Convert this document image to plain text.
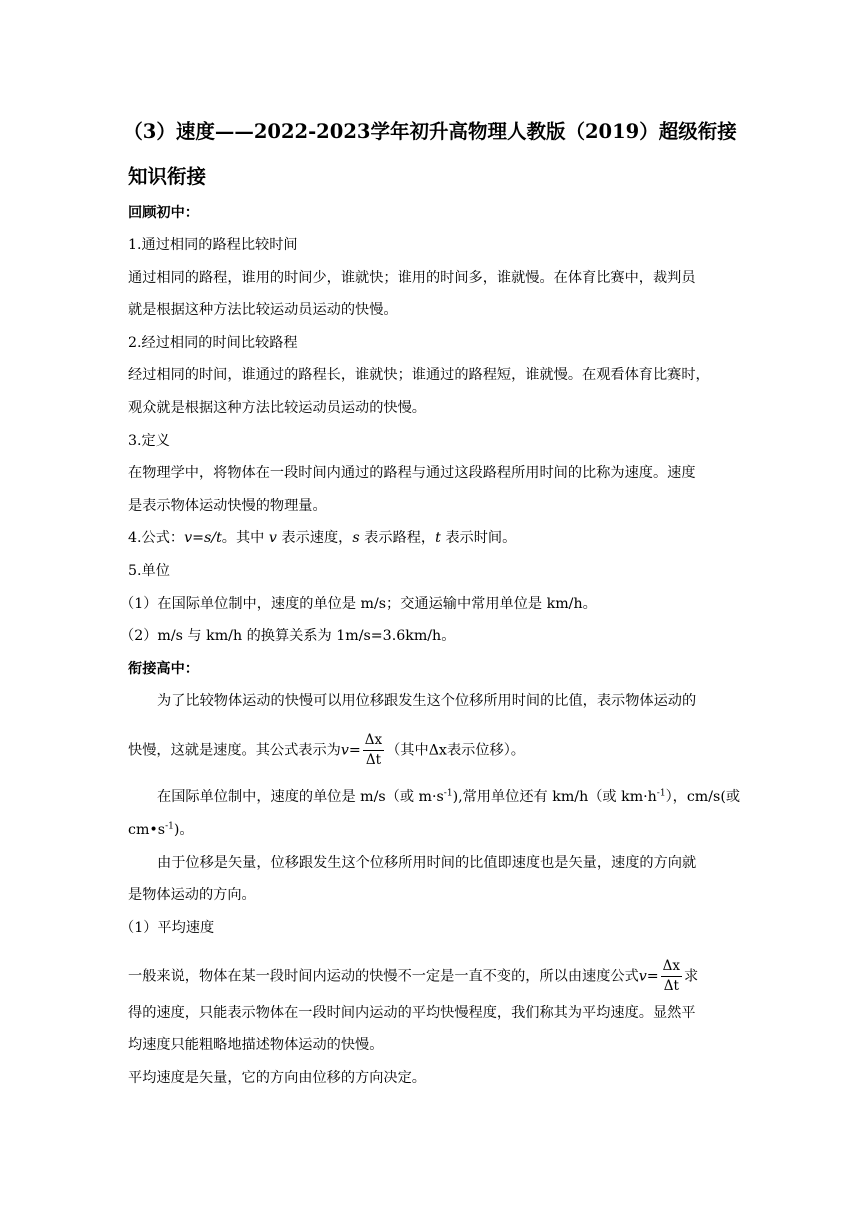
（3）速度——2022-2023学年初升高物理人教版（2019）超级衔接
知识衔接
回顾初中：
1.通过相同的路程比较时间
通过相同的路程，谁用的时间少，谁就快；谁用的时间多，谁就慢。在体育比赛中，裁判员
就是根据这种方法比较运动员运动的快慢。
2.经过相同的时间比较路程
经过相同的时间，谁通过的路程长，谁就快；谁通过的路程短，谁就慢。在观看体育比赛时，
观众就是根据这种方法比较运动员运动的快慢。
3.定义
在物理学中，将物体在一段时间内通过的路程与通过这段路程所用时间的比称为速度。速度
是表示物体运动快慢的物理量。
4.公式：v=s/t。其中 v 表示速度，s 表示路程，t 表示时间。
5.单位
（1）在国际单位制中，速度的单位是 m/s；交通运输中常用单位是 km/h。
（2）m/s 与 km/h 的换算关系为 1m/s=3.6km/h。
衔接高中：
为了比较物体运动的快慢可以用位移跟发生这个位移所用时间的比值，表示物体运动的
快慢，这就是速度。其公式表示为$v= \frac{\Delta x}{\Delta t}$ （其中Δx表示位移）。
在国际单位制中，速度的单位是 m/s（或 $m\cdot s^{-1}$),常用单位还有 km/h（或 $km\cdot h^{-1}$），cm/s(或
$cm•s^{-1}$)。
由于位移是矢量，位移跟发生这个位移所用时间的比值即速度也是矢量，速度的方向就
是物体运动的方向。
（1）平均速度
一般来说，物体在某一段时间内运动的快慢不一定是一直不变的，所以由速度公式$v= \frac{\Delta x}{\Delta t}$ 求
得的速度，只能表示物体在一段时间内运动的平均快慢程度，我们称其为平均速度。显然平
均速度只能粗略地描述物体运动的快慢。
平均速度是矢量，它的方向由位移的方向决定。
